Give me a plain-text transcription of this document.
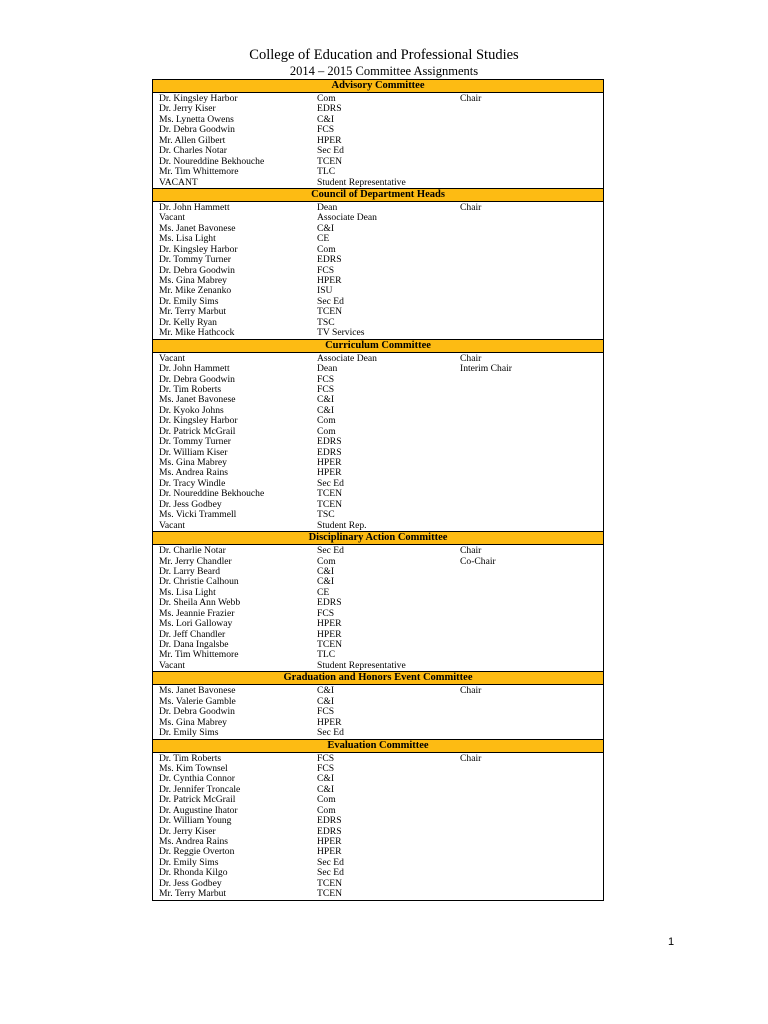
College of Education and Professional Studies
2014 – 2015 Committee Assignments
Advisory Committee
Dr. Kingsley Harbor	Com	Chair
Dr. Jerry Kiser	EDRS
Ms. Lynetta Owens	C&I
Dr. Debra Goodwin	FCS
Mr. Allen Gilbert	HPER
Dr. Charles Notar	Sec Ed
Dr. Noureddine Bekhouche	TCEN
Mr. Tim Whittemore	TLC
VACANT	Student Representative
Council of Department Heads
Dr. John Hammett	Dean	Chair
Vacant	Associate Dean
Ms. Janet Bavonese	C&I
Ms. Lisa Light	CE
Dr. Kingsley Harbor	Com
Dr. Tommy Turner	EDRS
Dr. Debra Goodwin	FCS
Ms. Gina Mabrey	HPER
Mr. Mike Zenanko	ISU
Dr. Emily Sims	Sec Ed
Mr. Terry Marbut	TCEN
Dr. Kelly Ryan	TSC
Mr. Mike Hathcock	TV Services
Curriculum Committee
Vacant	Associate Dean	Chair
Dr. John Hammett	Dean	Interim Chair
Dr. Debra Goodwin	FCS
Dr. Tim Roberts	FCS
Ms. Janet Bavonese	C&I
Dr. Kyoko Johns	C&I
Dr. Kingsley Harbor	Com
Dr. Patrick McGrail	Com
Dr. Tommy Turner	EDRS
Dr. William Kiser	EDRS
Ms. Gina Mabrey	HPER
Ms. Andrea Rains	HPER
Dr. Tracy Windle	Sec Ed
Dr. Noureddine Bekhouche	TCEN
Dr. Jess Godbey	TCEN
Ms. Vicki Trammell	TSC
Vacant	Student Rep.
Disciplinary Action Committee
Dr. Charlie Notar	Sec Ed	Chair
Mr. Jerry Chandler	Com	Co-Chair
Dr. Larry Beard	C&I
Dr. Christie Calhoun	C&I
Ms. Lisa Light	CE
Dr. Sheila Ann Webb	EDRS
Ms. Jeannie Frazier	FCS
Ms. Lori Galloway	HPER
Dr. Jeff Chandler	HPER
Dr. Dana Ingalsbe	TCEN
Mr. Tim Whittemore	TLC
Vacant	Student Representative
Graduation and Honors Event Committee
Ms. Janet Bavonese	C&I	Chair
Ms. Valerie Gamble	C&I
Dr. Debra Goodwin	FCS
Ms. Gina Mabrey	HPER
Dr. Emily Sims	Sec Ed
Evaluation Committee
Dr. Tim Roberts	FCS	Chair
Ms. Kim Townsel	FCS
Dr. Cynthia Connor	C&I
Dr. Jennifer Troncale	C&I
Dr. Patrick McGrail	Com
Dr. Augustine Ihator	Com
Dr. William Young	EDRS
Dr. Jerry Kiser	EDRS
Ms. Andrea Rains	HPER
Dr. Reggie Overton	HPER
Dr. Emily Sims	Sec Ed
Dr. Rhonda Kilgo	Sec Ed
Dr. Jess Godbey	TCEN
Mr. Terry Marbut	TCEN
1
